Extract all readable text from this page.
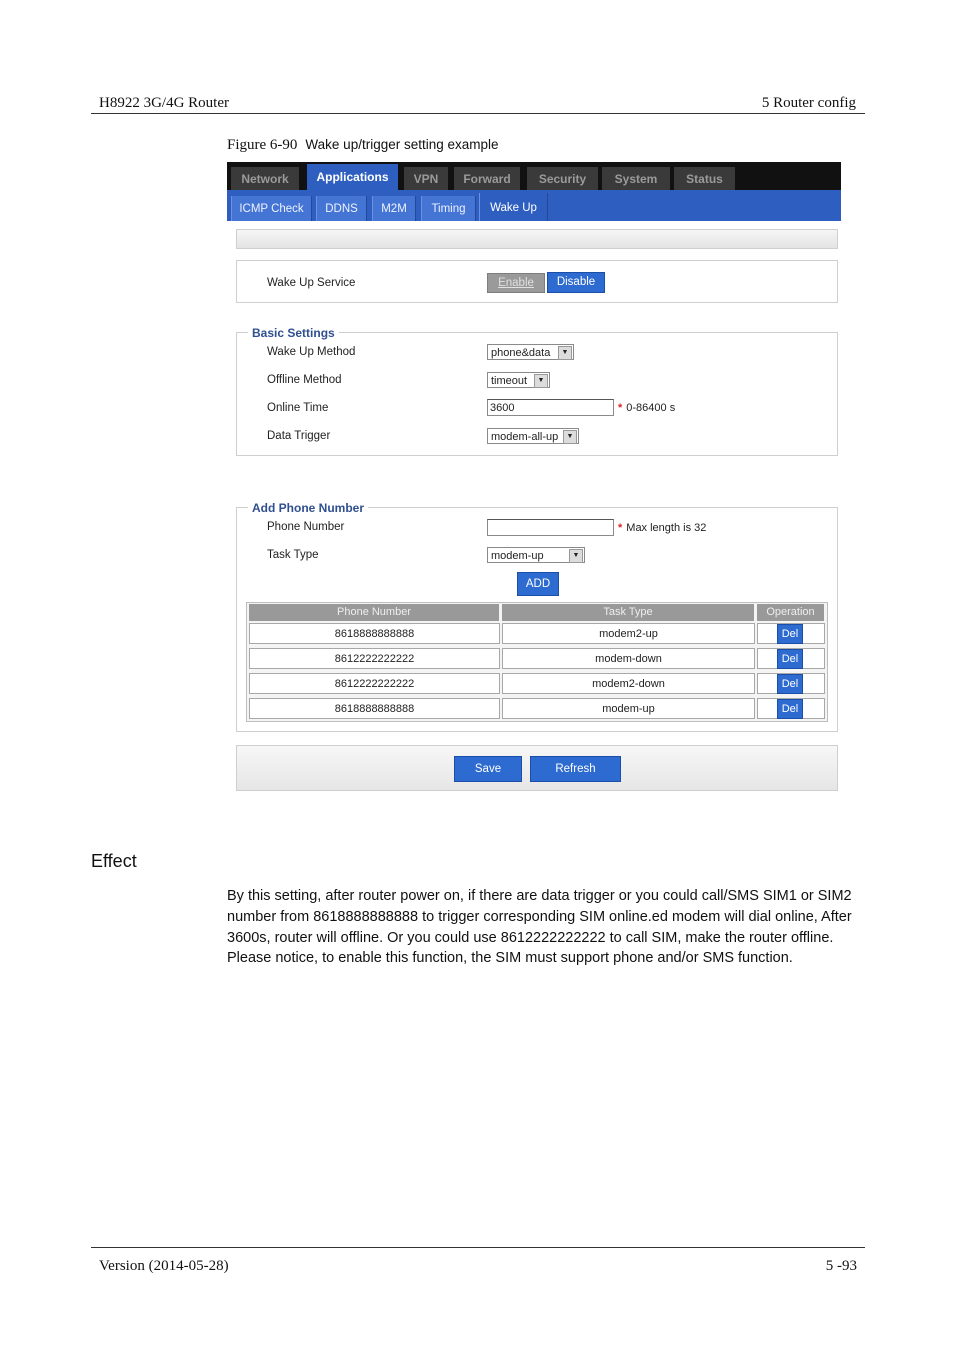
H8922 3G/4G Router	5 Router config
Figure 6-90 Wake up/trigger setting example
Network	Applications	VPN	Forward	Security	System	Status
ICMP Check	DDNS	M2M	Timing	Wake Up
Wake Up Service	Enable	Disable
Basic Settings
Wake Up Method	phone&data	▼
Offline Method	timeout	▼
Online Time	3600	* 0-86400 s
Data Trigger	modem-all-up	▼
Add Phone Number
Phone Number	* Max length is 32
Task Type	modem-up	▼
ADD
Phone Number	Task Type	Operation
8618888888888	modem2-up	Del
8612222222222	modem-down	Del
8612222222222	modem2-down	Del
8618888888888	modem-up	Del
Save	Refresh
Effect
By this setting, after router power on, if there are data trigger or you could call/SMS SIM1 or SIM2 number from 8618888888888 to trigger corresponding SIM online.ed modem will dial online, After 3600s, router will offline. Or you could use 8612222222222 to call SIM, make the router offline. Please notice, to enable this function, the SIM must support phone and/or SMS function.
Version (2014-05-28)	5 -93
